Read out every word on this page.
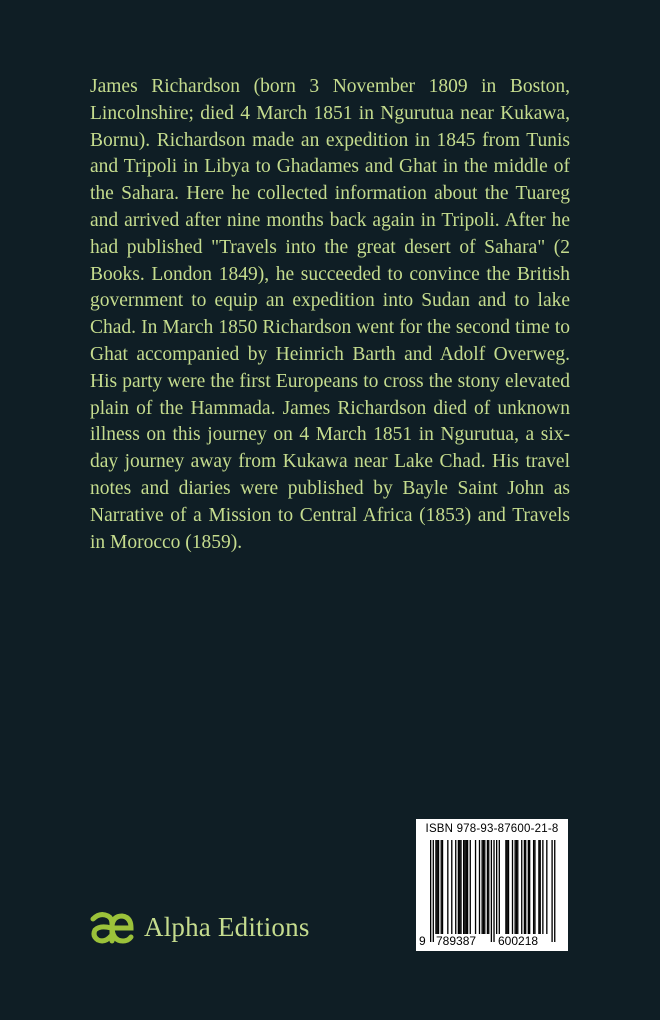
James Richardson (born 3 November 1809 in Boston, Lincolnshire; died 4 March 1851 in Ngurutua near Kukawa, Bornu). Richardson made an expedition in 1845 from Tunis and Tripoli in Libya to Ghadames and Ghat in the middle of the Sahara. Here he collected information about the Tuareg and arrived after nine months back again in Tripoli. After he had published "Travels into the great desert of Sahara" (2 Books. London 1849), he succeeded to convince the British government to equip an expedition into Sudan and to lake Chad. In March 1850 Richardson went for the second time to Ghat accompanied by Heinrich Barth and Adolf Overweg. His party were the first Europeans to cross the stony elevated plain of the Hammada. James Richardson died of unknown illness on this journey on 4 March 1851 in Ngurutua, a six-day journey away from Kukawa near Lake Chad. His travel notes and diaries were published by Bayle Saint John as Narrative of a Mission to Central Africa (1853) and Travels in Morocco (1859).

Alpha Editions
ISBN 978-93-87600-21-8
9 789387 600218
